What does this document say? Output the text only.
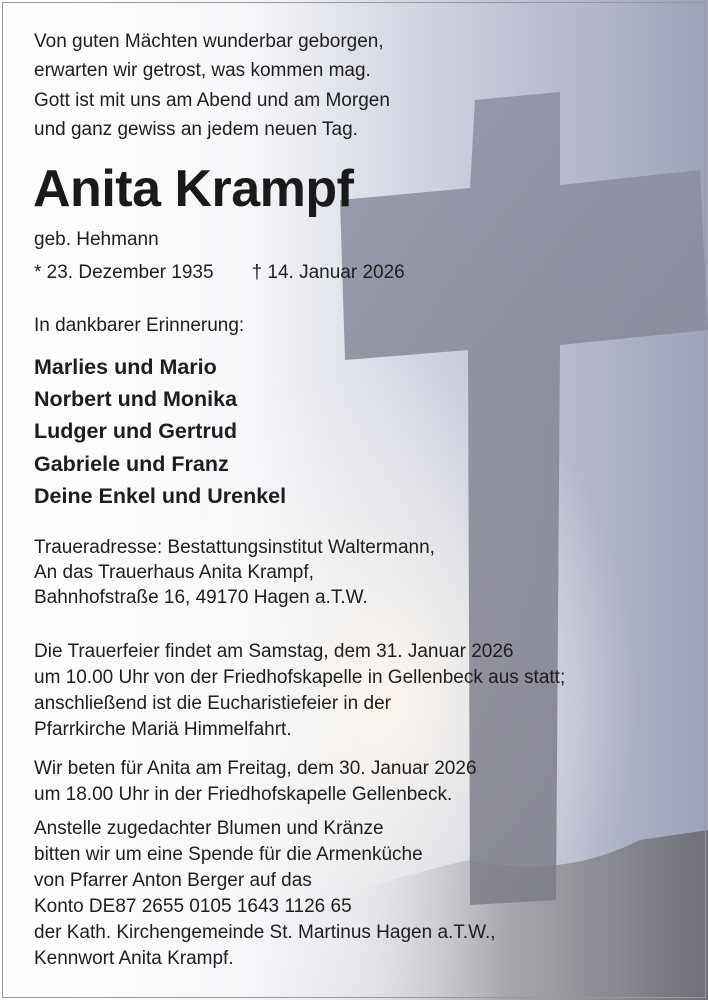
Von guten Mächten wunderbar geborgen,
erwarten wir getrost, was kommen mag.
Gott ist mit uns am Abend und am Morgen
und ganz gewiss an jedem neuen Tag.
Anita Krampf
geb. Hehmann
* 23. Dezember 1935 † 14. Januar 2026
In dankbarer Erinnerung:
Marlies und Mario
Norbert und Monika
Ludger und Gertrud
Gabriele und Franz
Deine Enkel und Urenkel
Traueradresse: Bestattungsinstitut Waltermann,
An das Trauerhaus Anita Krampf,
Bahnhofstraße 16, 49170 Hagen a.T.W.
Die Trauerfeier findet am Samstag, dem 31. Januar 2026
um 10.00 Uhr von der Friedhofskapelle in Gellenbeck aus statt;
anschließend ist die Eucharistiefeier in der
Pfarrkirche Mariä Himmelfahrt.
Wir beten für Anita am Freitag, dem 30. Januar 2026
um 18.00 Uhr in der Friedhofskapelle Gellenbeck.
Anstelle zugedachter Blumen und Kränze
bitten wir um eine Spende für die Armenküche
von Pfarrer Anton Berger auf das
Konto DE87 2655 0105 1643 1126 65
der Kath. Kirchengemeinde St. Martinus Hagen a.T.W.,
Kennwort Anita Krampf.
